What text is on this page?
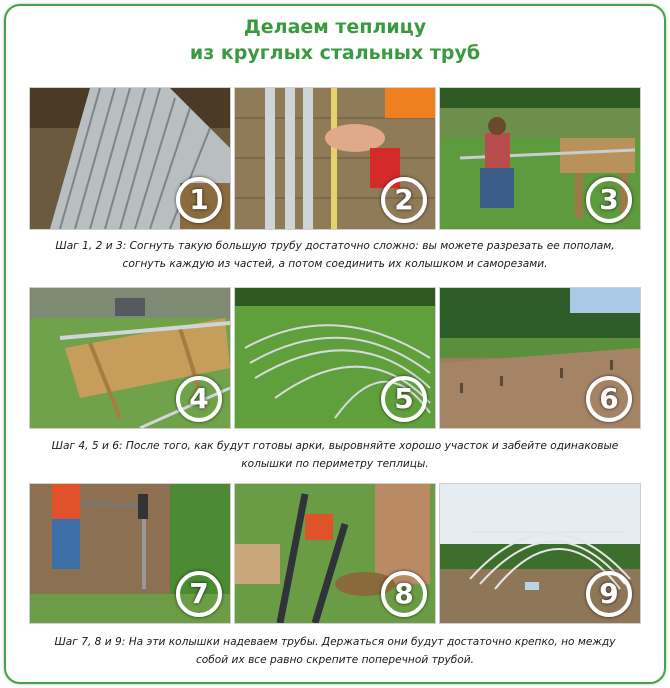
Делаем теплицу
из круглых стальных труб
1	2	3
Шаг 1, 2 и 3: Согнуть такую большую трубу достаточно сложно: вы можете разрезать ее пополам,
согнуть каждую из частей, а потом соединить их колышком и саморезами.
4	5	6
Шаг 4, 5 и 6: После того, как будут готовы арки, выровняйте хорошо участок и забейте одинаковые
колышки по периметру теплицы.
7	8	9
Шаг 7, 8 и 9: На эти колышки надеваем трубы. Держаться они будут достаточно крепко, но между
собой их все равно скрепите поперечной трубой.
